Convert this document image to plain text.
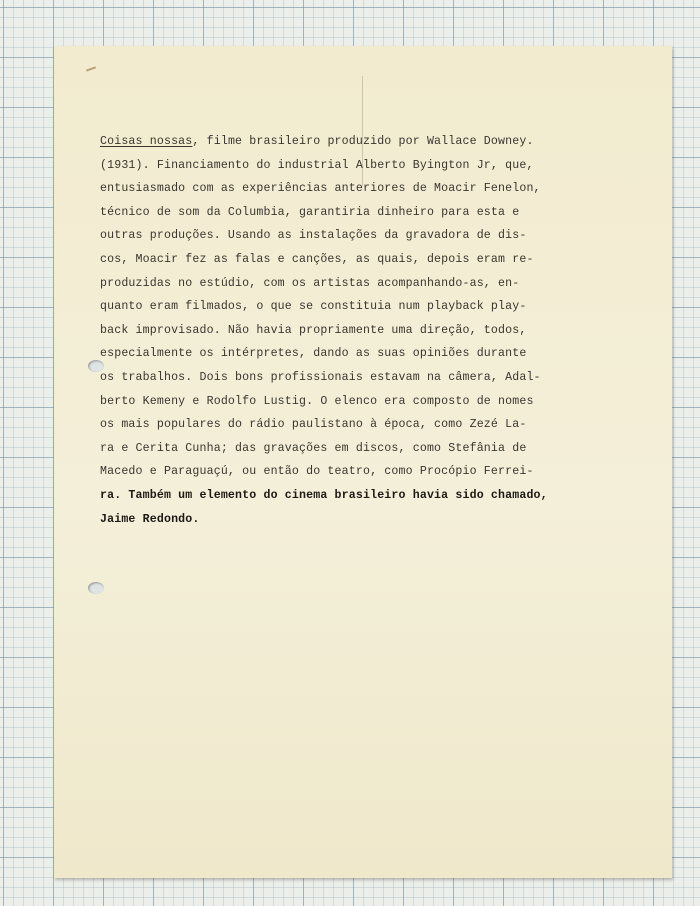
Coisas nossas, filme brasileiro produzido por Wallace Downey.
(1931). Financiamento do industrial Alberto Byington Jr, que,
entusiasmado com as experiências anteriores de Moacir Fenelon,
técnico de som da Columbia, garantiria dinheiro para esta e
outras produções. Usando as instalações da gravadora de dis-
cos, Moacir fez as falas e canções, as quais, depois eram re-
produzidas no estúdio, com os artistas acompanhando-as, en-
quanto eram filmados, o que se constituia num playback play-
back improvisado. Não havia propriamente uma direção, todos,
especialmente os intérpretes, dando as suas opiniões durante
os trabalhos. Dois bons profissionais estavam na câmera, Adal-
berto Kemeny e Rodolfo Lustig. O elenco era composto de nomes
os mais populares do rádio paulistano à época, como Zezé La-
ra e Cerita Cunha; das gravações em discos, como Stefânia de
Macedo e Paraguaçú, ou então do teatro, como Procópio Ferrei-
ra. Também um elemento do cinema brasileiro havia sido chamado,
Jaime Redondo.
